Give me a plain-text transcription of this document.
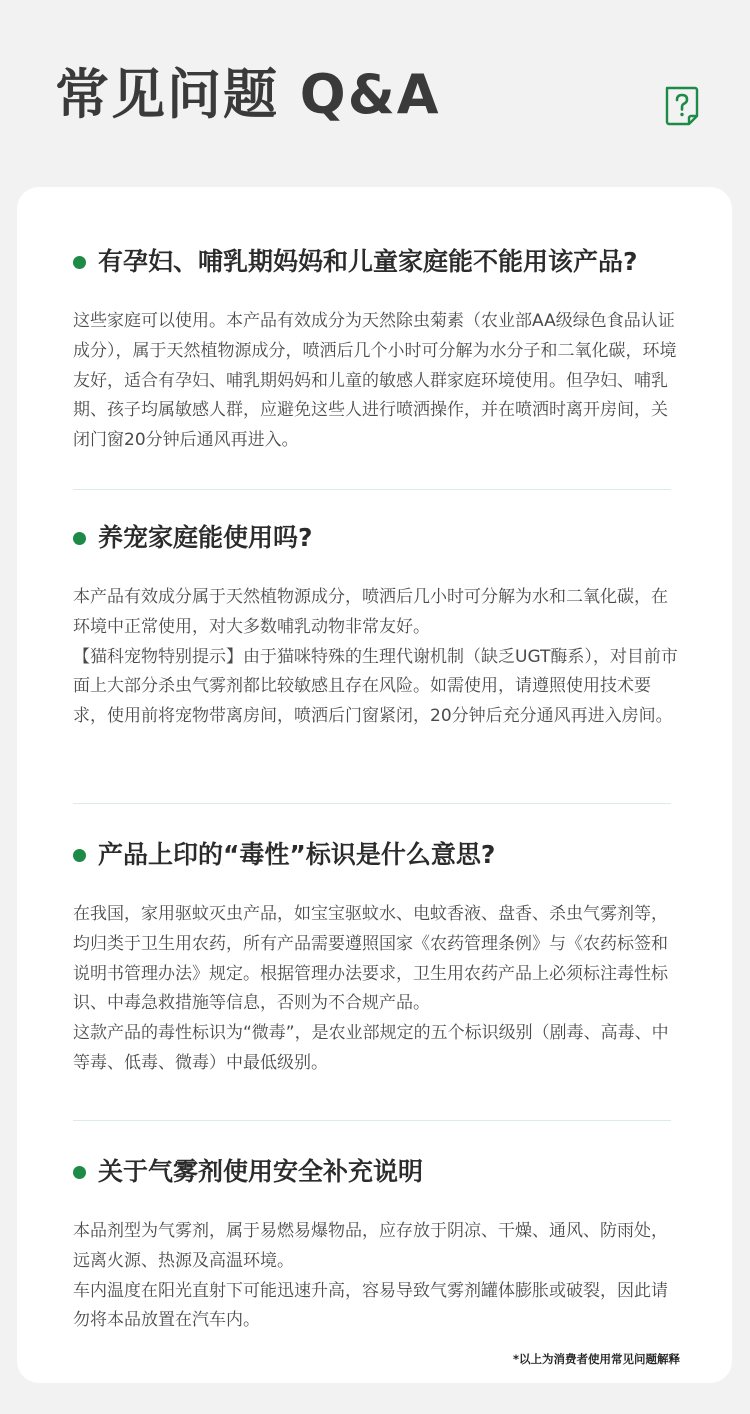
常见问题 Q&A
有孕妇、哺乳期妈妈和儿童家庭能不能用该产品?

这些家庭可以使用。本产品有效成分为天然除虫菊素（农业部AA级绿色食品认证成分），属于天然植物源成分，喷洒后几个小时可分解为水分子和二氧化碳，环境友好，适合有孕妇、哺乳期妈妈和儿童的敏感人群家庭环境使用。但孕妇、哺乳期、孩子均属敏感人群，应避免这些人进行喷洒操作，并在喷洒时离开房间，关闭门窗20分钟后通风再进入。

养宠家庭能使用吗?

本产品有效成分属于天然植物源成分，喷洒后几小时可分解为水和二氧化碳，在环境中正常使用，对大多数哺乳动物非常友好。

【猫科宠物特别提示】由于猫咪特殊的生理代谢机制（缺乏UGT酶系），对目前市面上大部分杀虫气雾剂都比较敏感且存在风险。如需使用，请遵照使用技术要求，使用前将宠物带离房间，喷洒后门窗紧闭，20分钟后充分通风再进入房间。

产品上印的“毒性”标识是什么意思?

在我国，家用驱蚊灭虫产品，如宝宝驱蚊水、电蚊香液、盘香、杀虫气雾剂等，均归类于卫生用农药，所有产品需要遵照国家《农药管理条例》与《农药标签和说明书管理办法》规定。根据管理办法要求，卫生用农药产品上必须标注毒性标识、中毒急救措施等信息，否则为不合规产品。

这款产品的毒性标识为“微毒”，是农业部规定的五个标识级别（剧毒、高毒、中等毒、低毒、微毒）中最低级别。

关于气雾剂使用安全补充说明

本品剂型为气雾剂，属于易燃易爆物品，应存放于阴凉、干燥、通风、防雨处，远离火源、热源及高温环境。

车内温度在阳光直射下可能迅速升高，容易导致气雾剂罐体膨胀或破裂，因此请勿将本品放置在汽车内。

*以上为消费者使用常见问题解释
